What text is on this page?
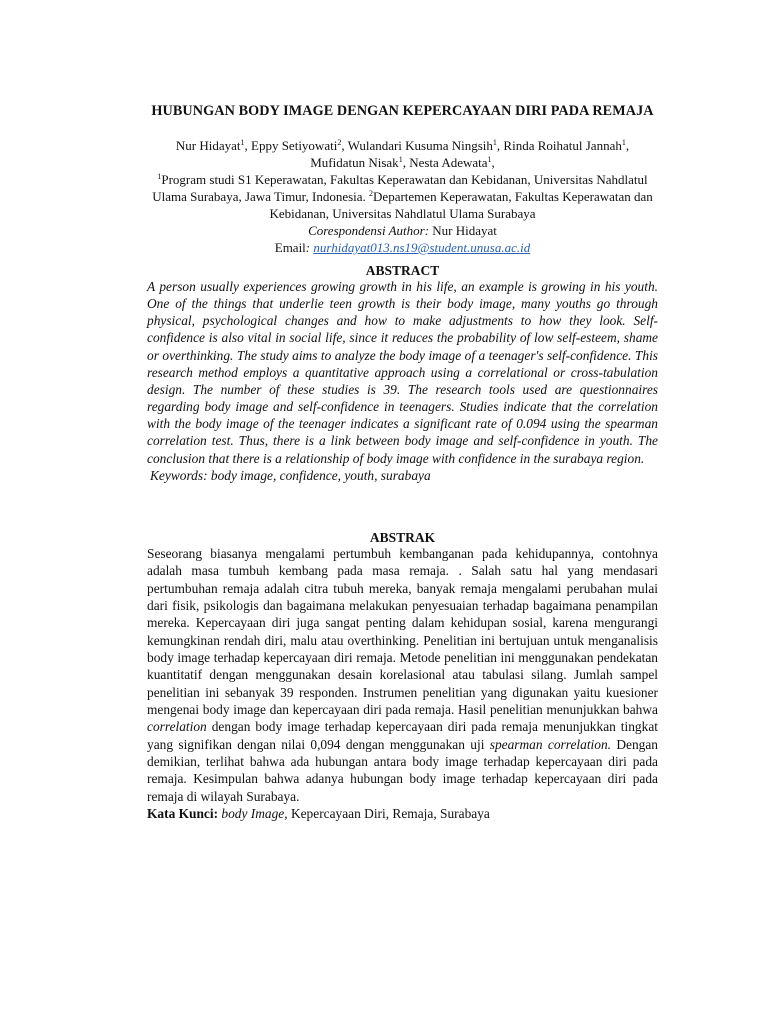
HUBUNGAN BODY IMAGE DENGAN KEPERCAYAAN DIRI PADA REMAJA
Nur Hidayat$^1$, Eppy Setiyowati$^2$, Wulandari Kusuma Ningsih$^1$, Rinda Roihatul Jannah$^1$, Mufidatun Nisak$^1$, Nesta Adewata$^1$,
$^1$Program studi S1 Keperawatan, Fakultas Keperawatan dan Kebidanan, Universitas Nahdlatul Ulama Surabaya, Jawa Timur, Indonesia. $^2$Departemen Keperawatan, Fakultas Keperawatan dan Kebidanan, Universitas Nahdlatul Ulama Surabaya
Corespondensi Author: Nur Hidayat
Email: nurhidayat013.ns19@student.unusa.ac.id
ABSTRACT

A person usually experiences growing growth in his life, an example is growing in his youth. One of the things that underlie teen growth is their body image, many youths go through physical, psychological changes and how to make adjustments to how they look. Self-confidence is also vital in social life, since it reduces the probability of low self-esteem, shame or overthinking. The study aims to analyze the body image of a teenager's self-confidence. This research method employs a quantitative approach using a correlational or cross-tabulation design. The number of these studies is 39. The research tools used are questionnaires regarding body image and self-confidence in teenagers. Studies indicate that the correlation with the body image of the teenager indicates a significant rate of 0.094 using the spearman correlation test. Thus, there is a link between body image and self-confidence in youth. The conclusion that there is a relationship of body image with confidence in the surabaya region.

Keywords: body image, confidence, youth, surabaya

ABSTRAK

Seseorang biasanya mengalami pertumbuh kembanganan pada kehidupannya, contohnya adalah masa tumbuh kembang pada masa remaja. . Salah satu hal yang mendasari pertumbuhan remaja adalah citra tubuh mereka, banyak remaja mengalami perubahan mulai dari fisik, psikologis dan bagaimana melakukan penyesuaian terhadap bagaimana penampilan mereka. Kepercayaan diri juga sangat penting dalam kehidupan sosial, karena mengurangi kemungkinan rendah diri, malu atau overthinking. Penelitian ini bertujuan untuk menganalisis body image terhadap kepercayaan diri remaja. Metode penelitian ini menggunakan pendekatan kuantitatif dengan menggunakan desain korelasional atau tabulasi silang. Jumlah sampel penelitian ini sebanyak 39 responden. Instrumen penelitian yang digunakan yaitu kuesioner mengenai body image dan kepercayaan diri pada remaja. Hasil penelitian menunjukkan bahwa correlation dengan body image terhadap kepercayaan diri pada remaja menunjukkan tingkat yang signifikan dengan nilai 0,094 dengan menggunakan uji spearman correlation. Dengan demikian, terlihat bahwa ada hubungan antara body image terhadap kepercayaan diri pada remaja. Kesimpulan bahwa adanya hubungan body image terhadap kepercayaan diri pada remaja di wilayah Surabaya.

Kata Kunci: body Image, Kepercayaan Diri, Remaja, Surabaya
